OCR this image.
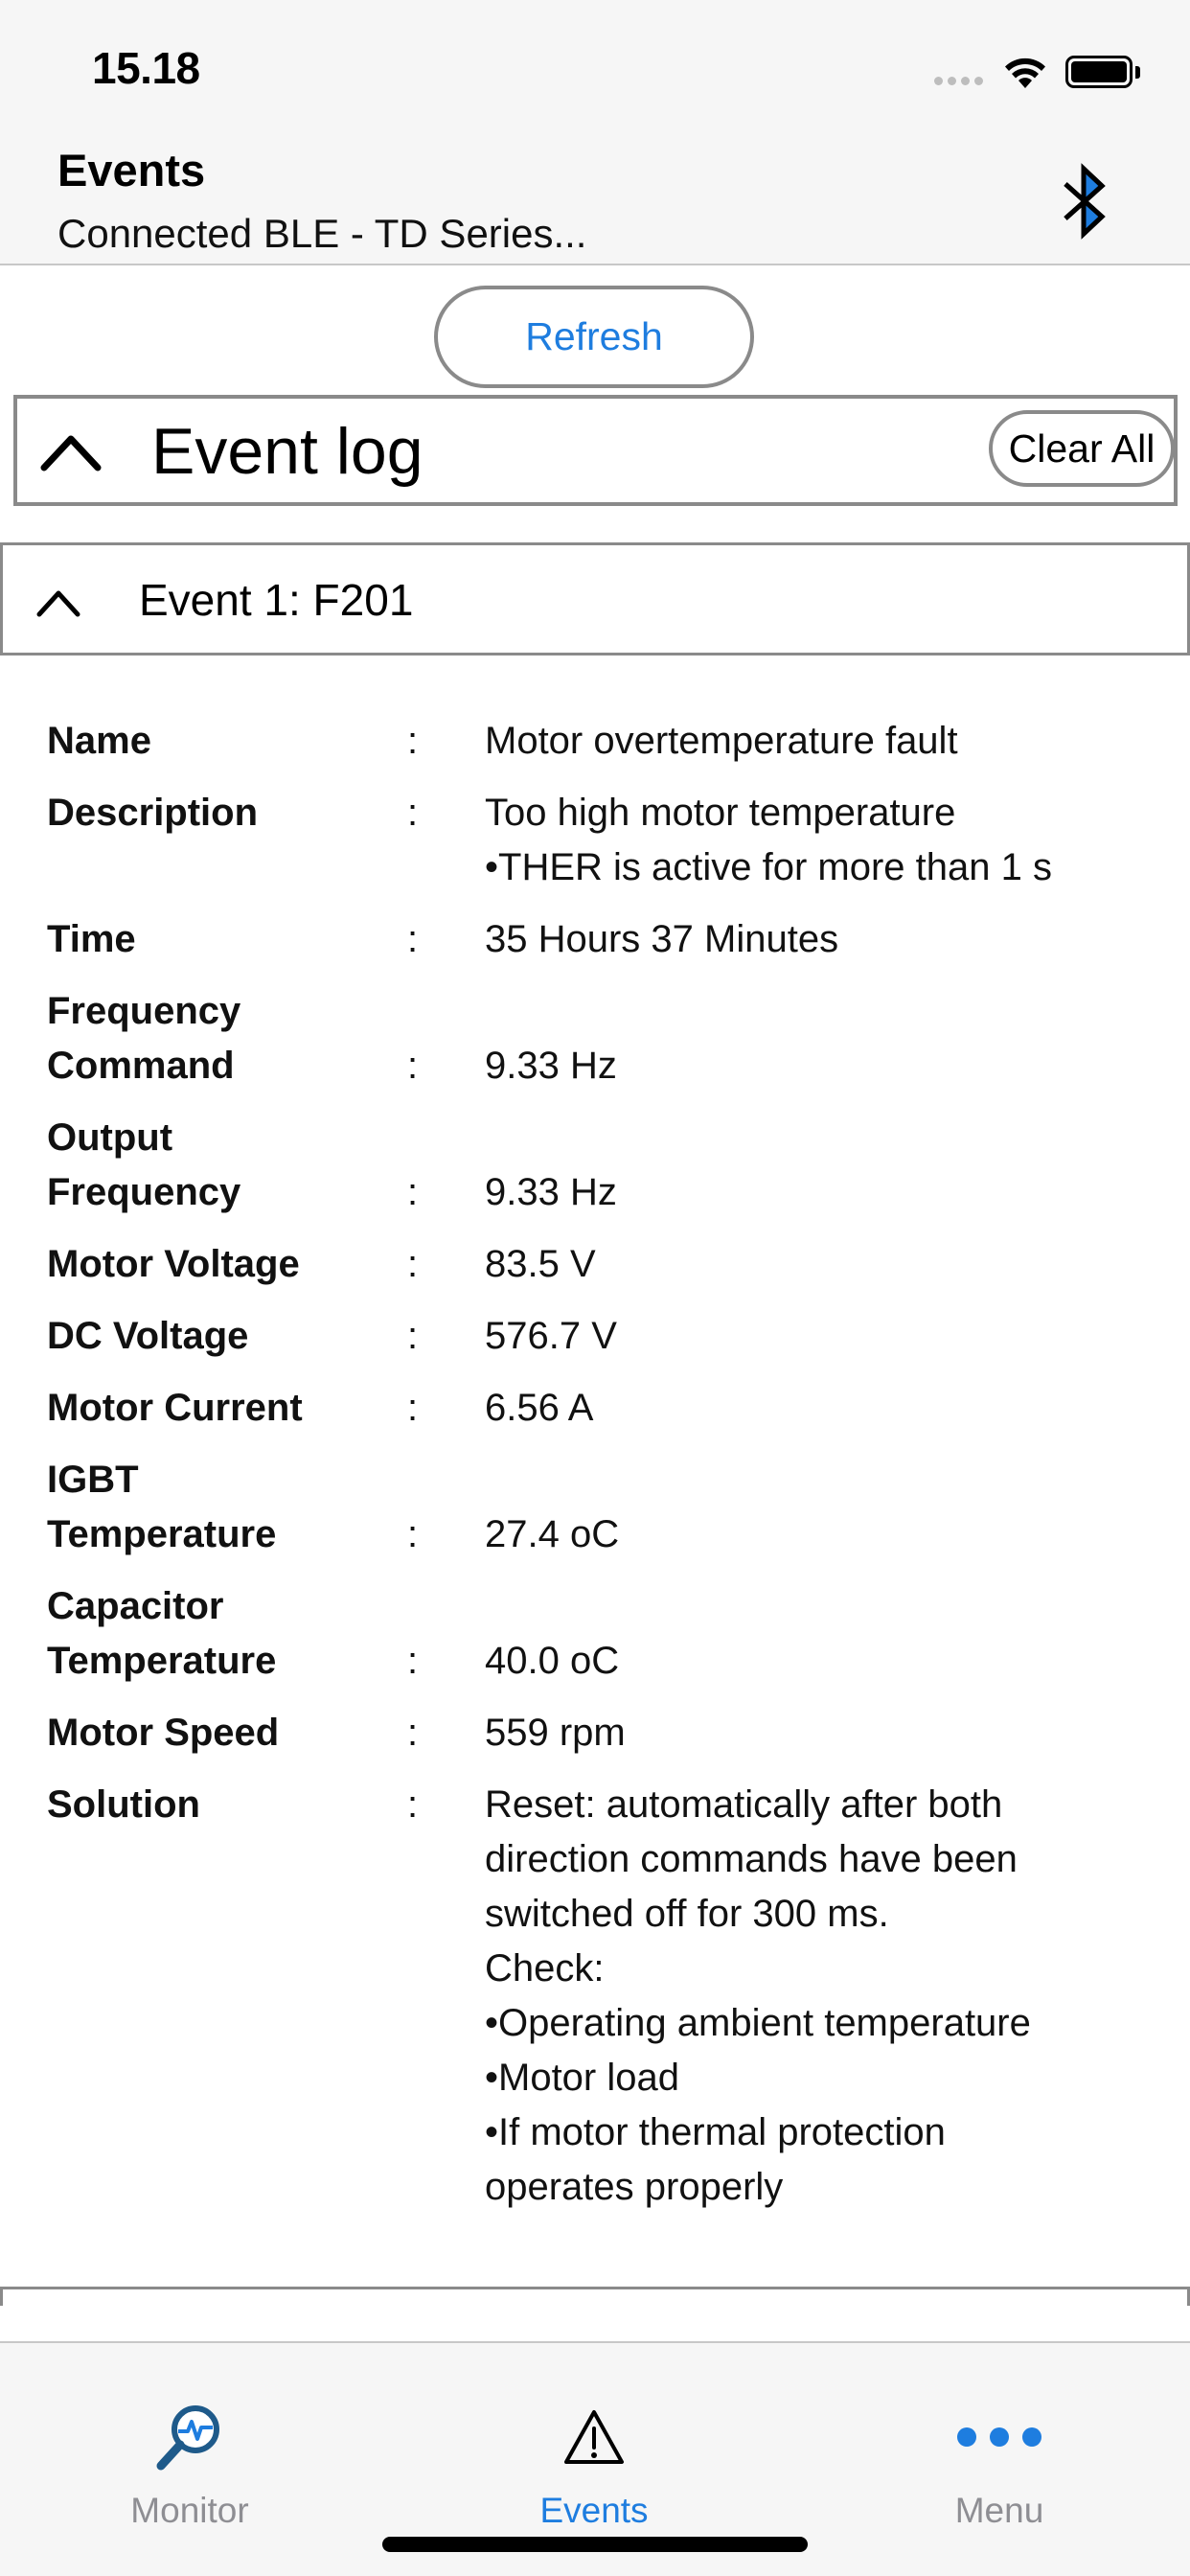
15.18
Events
Connected BLE - TD Series...
Refresh
Event log	Clear All
Event 1: F201
Name	:	Motor overtemperature fault
Description	:	Too high motor temperature
•THER is active for more than 1 s
Time	:	35 Hours 37 Minutes
Frequency
Command	:	9.33 Hz
Output
Frequency	:	9.33 Hz
Motor Voltage	:	83.5 V
DC Voltage	:	576.7 V
Motor Current	:	6.56 A
IGBT
Temperature	:	27.4 oC
Capacitor
Temperature	:	40.0 oC
Motor Speed	:	559 rpm
Solution	:	Reset: automatically after both
direction commands have been
switched off for 300 ms.
Check:
•Operating ambient temperature
•Motor load
•If motor thermal protection
operates properly
Monitor	Events	Menu
